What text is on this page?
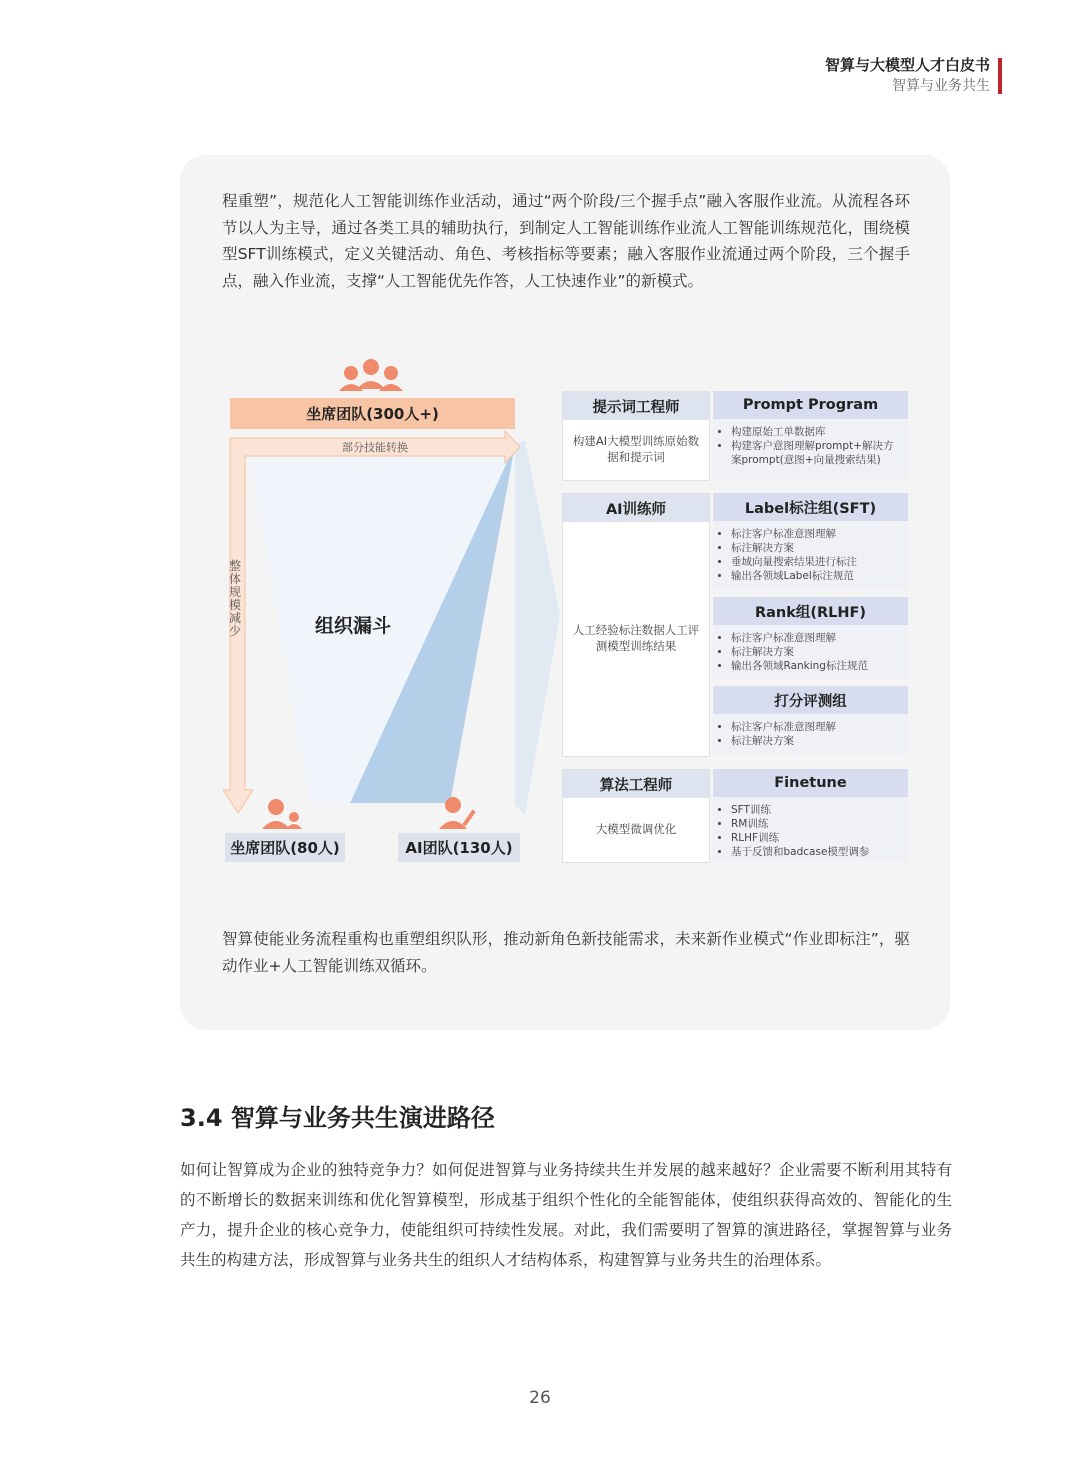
智算与大模型人才白皮书
智算与业务共生

程重塑”，规范化人工智能训练作业活动，通过“两个阶段/三个握手点”融入客服作业流。从流程各环节以人为主导，通过各类工具的辅助执行，到制定人工智能训练作业流人工智能训练规范化，围绕模型SFT训练模式，定义关键活动、角色、考核指标等要素；融入客服作业流通过两个阶段，三个握手点，融入作业流，支撑“人工智能优先作答，人工快速作业”的新模式。

坐席团队(300人+)
部分技能转换
整体规模减少	组织漏斗
坐席团队(80人)	AI团队(130人)
提示词工程师
构建AI大模型训练原始数据和提示词
AI训练师
人工经验标注数据人工评测模型训练结果
算法工程师
大模型微调优化
Prompt Program
• 构建原始工单数据库
• 构建客户意图理解prompt+解决方案prompt(意图+向量搜索结果)
Label标注组(SFT)
• 标注客户标准意图理解
• 标注解决方案
• 垂域向量搜索结果进行标注
• 输出各领域Label标注规范
Rank组(RLHF)
• 标注客户标准意图理解
• 标注解决方案
• 输出各领域Ranking标注规范
打分评测组
• 标注客户标准意图理解
• 标注解决方案
Finetune
• SFT训练
• RM训练
• RLHF训练
• 基于反馈和badcase模型调参

智算使能业务流程重构也重塑组织队形，推动新角色新技能需求，未来新作业模式“作业即标注”，驱动作业+人工智能训练双循环。

3.4 智算与业务共生演进路径

如何让智算成为企业的独特竞争力？如何促进智算与业务持续共生并发展的越来越好？企业需要不断利用其特有的不断增长的数据来训练和优化智算模型，形成基于组织个性化的全能智能体，使组织获得高效的、智能化的生产力，提升企业的核心竞争力，使能组织可持续性发展。对此，我们需要明了智算的演进路径，掌握智算与业务共生的构建方法，形成智算与业务共生的组织人才结构体系，构建智算与业务共生的治理体系。

26
